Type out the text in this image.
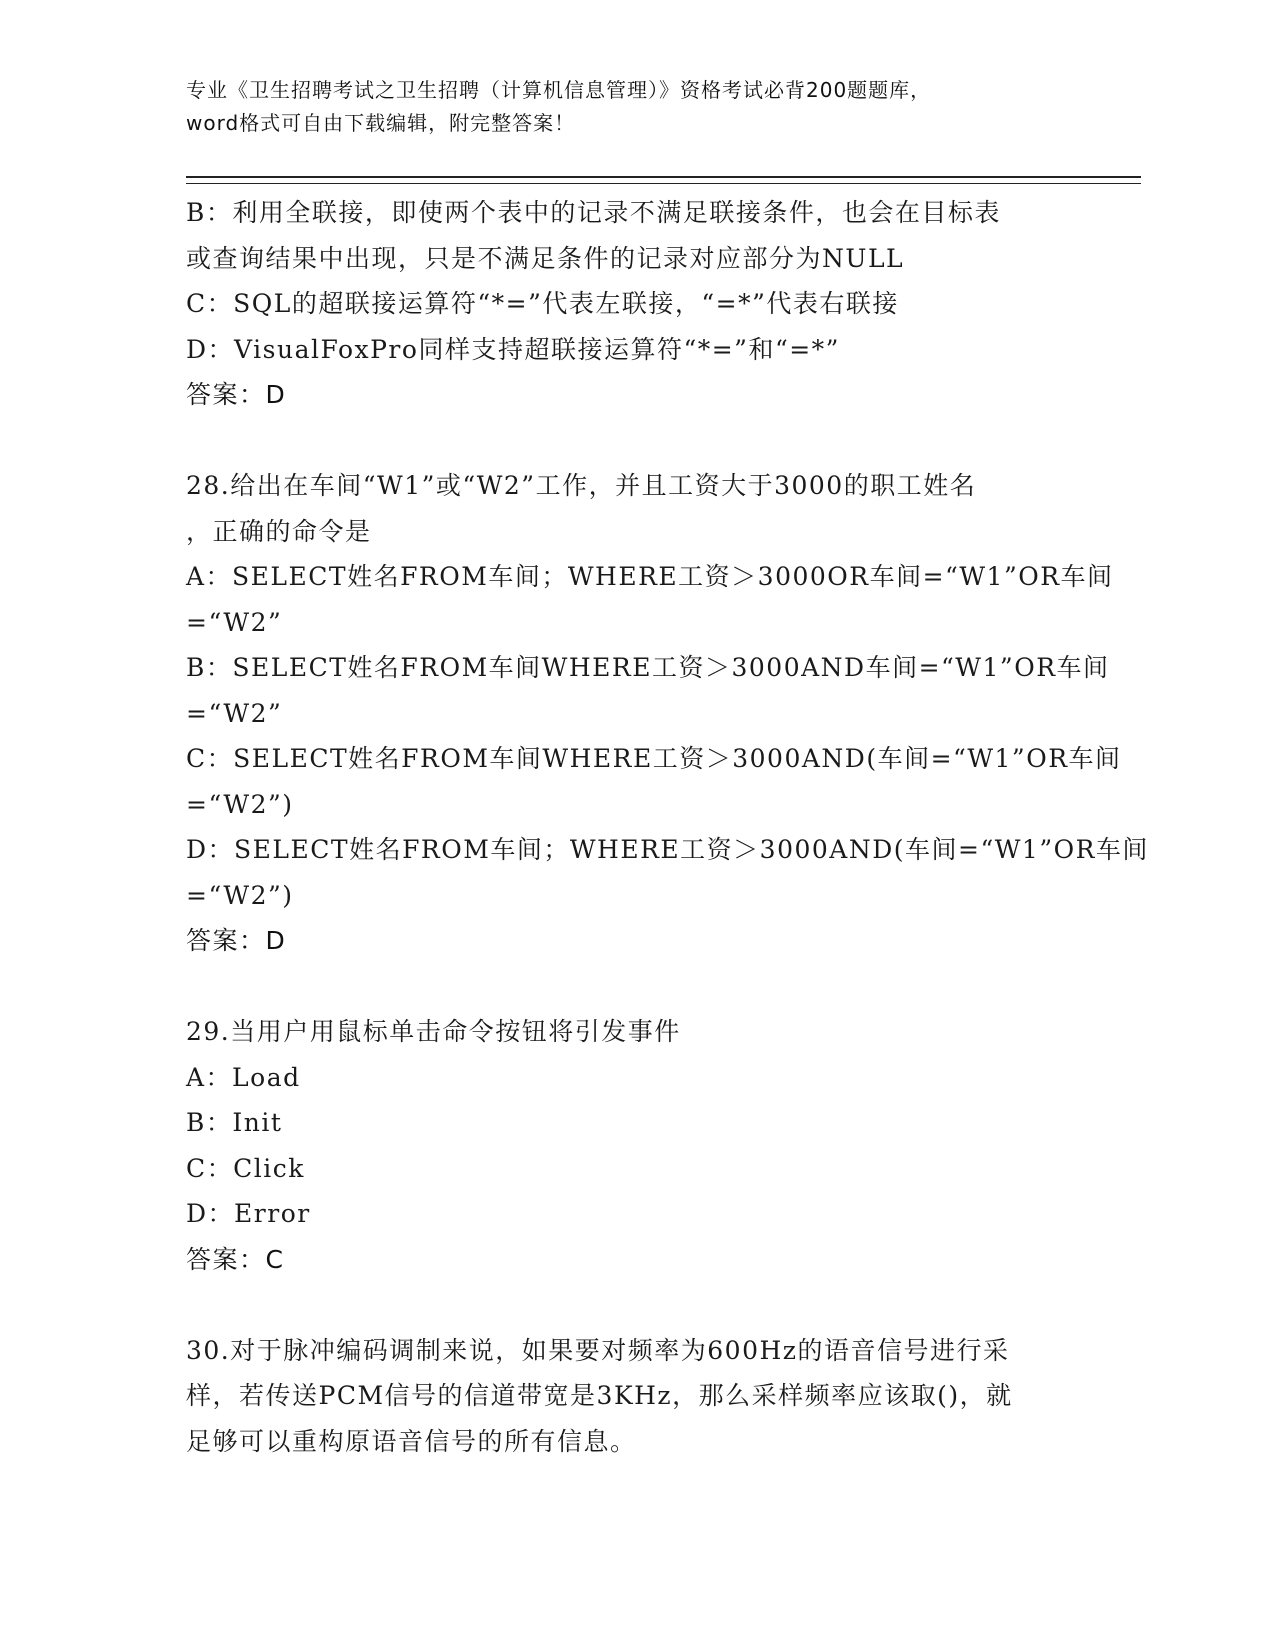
专业《卫生招聘考试之卫生招聘（计算机信息管理）》资格考试必背200题题库，
word格式可自由下载编辑，附完整答案！
B：利用全联接，即使两个表中的记录不满足联接条件，也会在目标表
或查询结果中出现，只是不满足条件的记录对应部分为NULL
C：SQL的超联接运算符“*=”代表左联接，“=*”代表右联接
D：VisualFoxPro同样支持超联接运算符“*=”和“=*”
答案：D
28.给出在车间“W1”或“W2”工作，并且工资大于3000的职工姓名
，正确的命令是
A：SELECT姓名FROM车间；WHERE工资＞3000OR车间=“W1”OR车间
=“W2”
B：SELECT姓名FROM车间WHERE工资＞3000AND车间=“W1”OR车间
=“W2”
C：SELECT姓名FROM车间WHERE工资＞3000AND(车间=“W1”OR车间
=“W2”)
D：SELECT姓名FROM车间；WHERE工资＞3000AND(车间=“W1”OR车间
=“W2”)
答案：D
29.当用户用鼠标单击命令按钮将引发事件
A：Load
B：Init
C：Click
D：Error
答案：C
30.对于脉冲编码调制来说，如果要对频率为600Hz的语音信号进行采
样，若传送PCM信号的信道带宽是3KHz，那么采样频率应该取()，就
足够可以重构原语音信号的所有信息。
